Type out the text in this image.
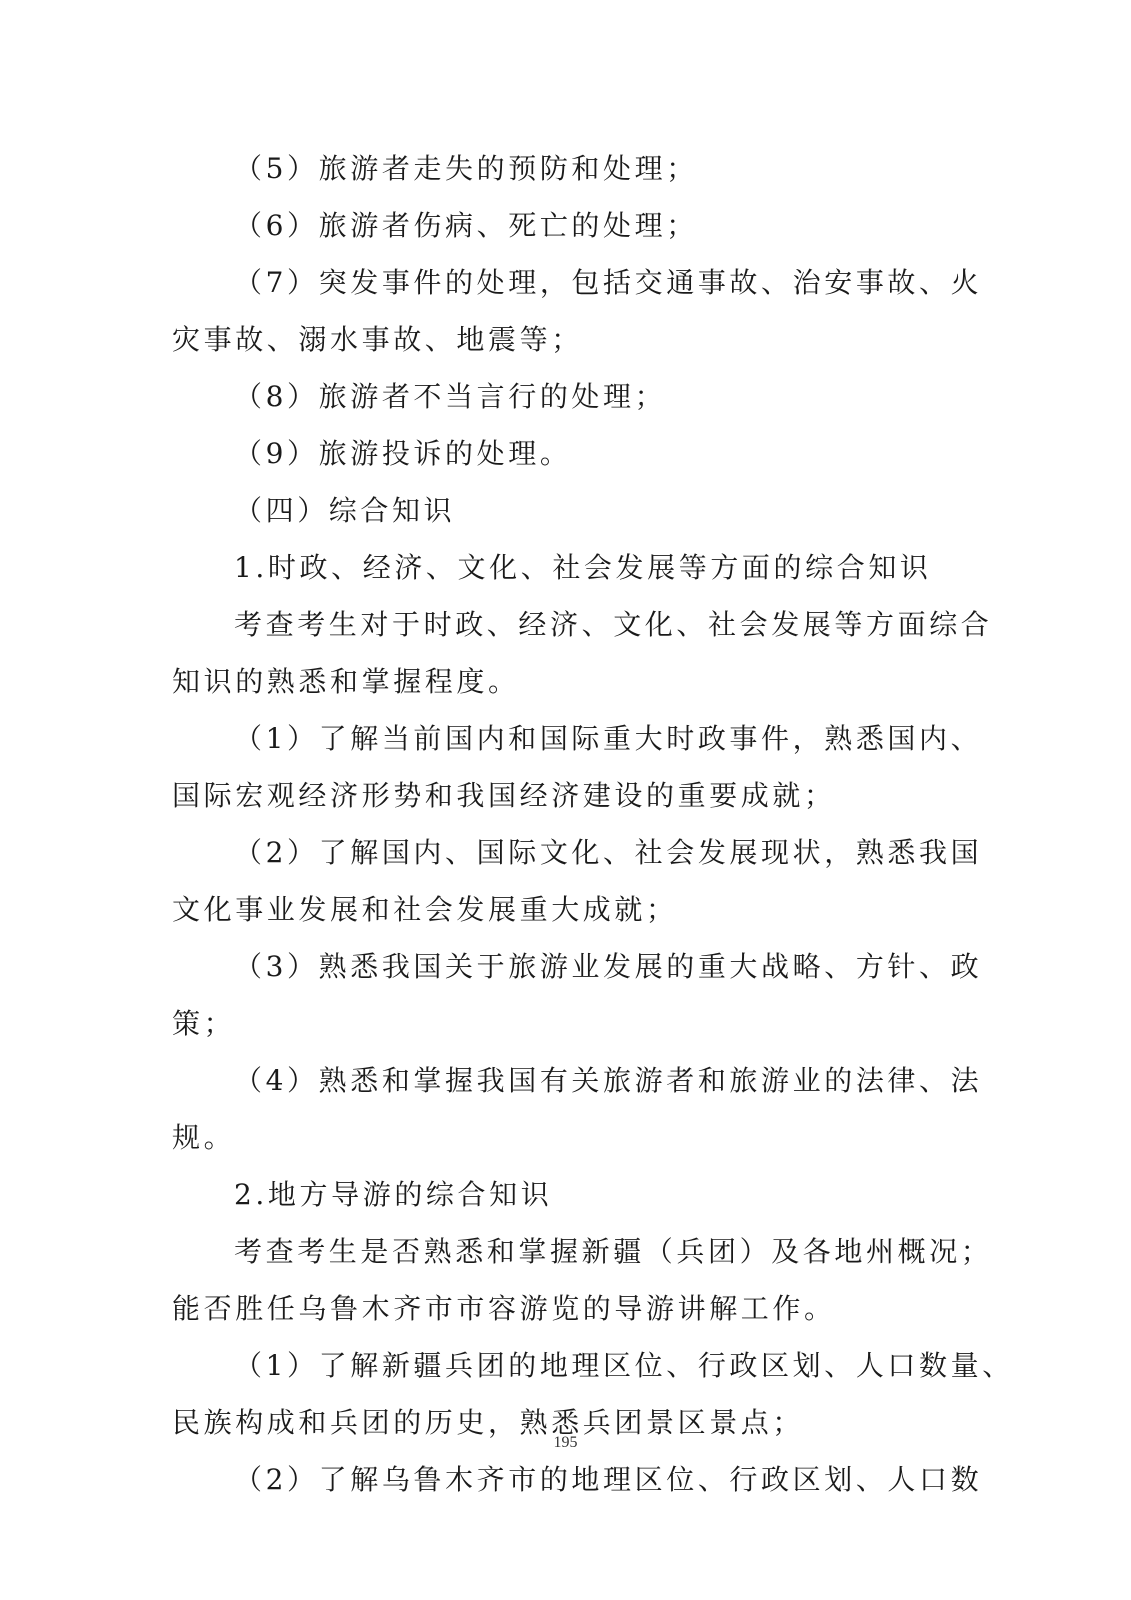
（5）旅游者走失的预防和处理；
（6）旅游者伤病、死亡的处理；
（7）突发事件的处理，包括交通事故、治安事故、火
灾事故、溺水事故、地震等；
（8）旅游者不当言行的处理；
（9）旅游投诉的处理。
（四）综合知识
1.时政、经济、文化、社会发展等方面的综合知识
考查考生对于时政、经济、文化、社会发展等方面综合
知识的熟悉和掌握程度。
（1）了解当前国内和国际重大时政事件，熟悉国内、
国际宏观经济形势和我国经济建设的重要成就；
（2）了解国内、国际文化、社会发展现状，熟悉我国
文化事业发展和社会发展重大成就；
（3）熟悉我国关于旅游业发展的重大战略、方针、政
策；
（4）熟悉和掌握我国有关旅游者和旅游业的法律、法
规。
2.地方导游的综合知识
考查考生是否熟悉和掌握新疆（兵团）及各地州概况；
能否胜任乌鲁木齐市市容游览的导游讲解工作。
（1）了解新疆兵团的地理区位、行政区划、人口数量、
民族构成和兵团的历史，熟悉兵团景区景点；
（2）了解乌鲁木齐市的地理区位、行政区划、人口数
195
